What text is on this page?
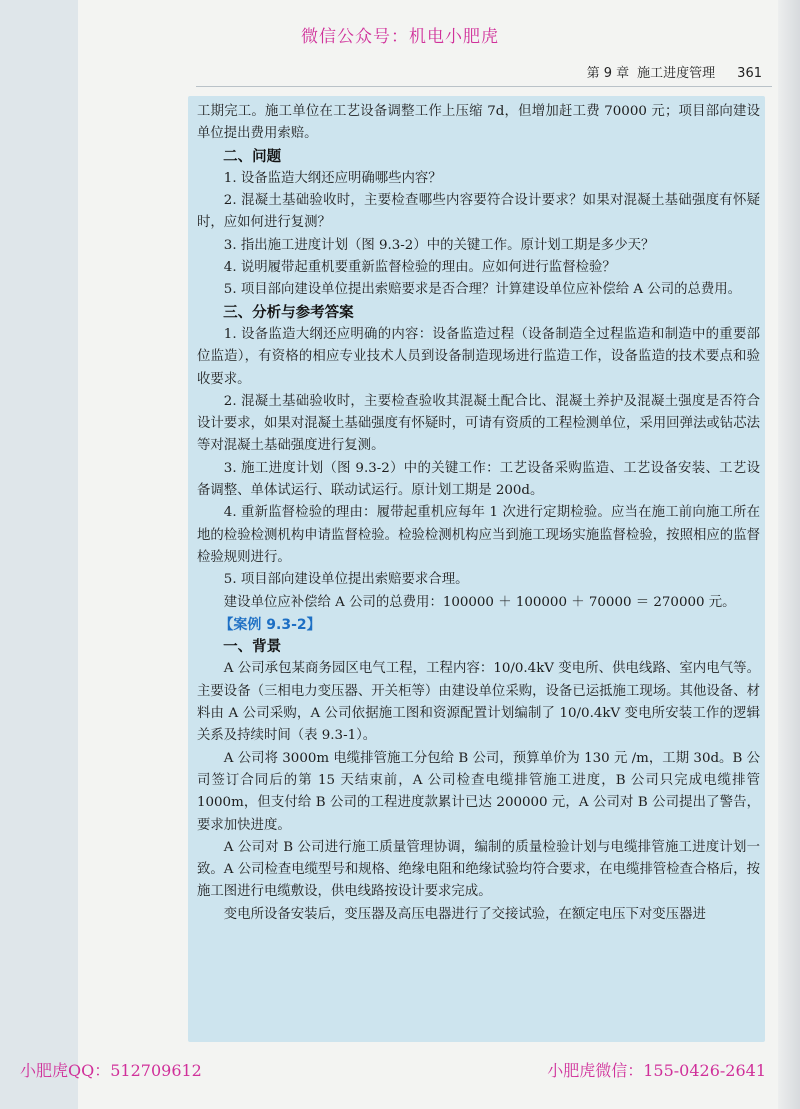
微信公众号：机电小肥虎
第 9 章 施工进度管理 361

工期完工。施工单位在工艺设备调整工作上压缩 7d，但增加赶工费 70000 元；项目部向建设单位提出费用索赔。

二、问题

1. 设备监造大纲还应明确哪些内容？

2. 混凝土基础验收时，主要检查哪些内容要符合设计要求？如果对混凝土基础强度有怀疑时，应如何进行复测？

3. 指出施工进度计划（图 9.3-2）中的关键工作。原计划工期是多少天？

4. 说明履带起重机要重新监督检验的理由。应如何进行监督检验？

5. 项目部向建设单位提出索赔要求是否合理？计算建设单位应补偿给 A 公司的总费用。

三、分析与参考答案

1. 设备监造大纲还应明确的内容：设备监造过程（设备制造全过程监造和制造中的重要部位监造），有资格的相应专业技术人员到设备制造现场进行监造工作，设备监造的技术要点和验收要求。

2. 混凝土基础验收时，主要检查验收其混凝土配合比、混凝土养护及混凝土强度是否符合设计要求，如果对混凝土基础强度有怀疑时，可请有资质的工程检测单位，采用回弹法或钻芯法等对混凝土基础强度进行复测。

3. 施工进度计划（图 9.3-2）中的关键工作：工艺设备采购监造、工艺设备安装、工艺设备调整、单体试运行、联动试运行。原计划工期是 200d。

4. 重新监督检验的理由：履带起重机应每年 1 次进行定期检验。应当在施工前向施工所在地的检验检测机构申请监督检验。检验检测机构应当到施工现场实施监督检验，按照相应的监督检验规则进行。

5. 项目部向建设单位提出索赔要求合理。

建设单位应补偿给 A 公司的总费用：100000 ＋ 100000 ＋ 70000 ＝ 270000 元。

【案例 9.3-2】

一、背景

A 公司承包某商务园区电气工程，工程内容：10/0.4kV 变电所、供电线路、室内电气等。主要设备（三相电力变压器、开关柜等）由建设单位采购，设备已运抵施工现场。其他设备、材料由 A 公司采购，A 公司依据施工图和资源配置计划编制了 10/0.4kV 变电所安装工作的逻辑关系及持续时间（表 9.3-1）。

A 公司将 3000m 电缆排管施工分包给 B 公司，预算单价为 130 元 /m，工期 30d。B 公司签订合同后的第 15 天结束前，A 公司检查电缆排管施工进度，B 公司只完成电缆排管 1000m，但支付给 B 公司的工程进度款累计已达 200000 元，A 公司对 B 公司提出了警告，要求加快进度。

A 公司对 B 公司进行施工质量管理协调，编制的质量检验计划与电缆排管施工进度计划一致。A 公司检查电缆型号和规格、绝缘电阻和绝缘试验均符合要求，在电缆排管检查合格后，按施工图进行电缆敷设，供电线路按设计要求完成。

变电所设备安装后，变压器及高压电器进行了交接试验，在额定电压下对变压器进

小肥虎QQ：512709612	小肥虎微信：155-0426-2641
